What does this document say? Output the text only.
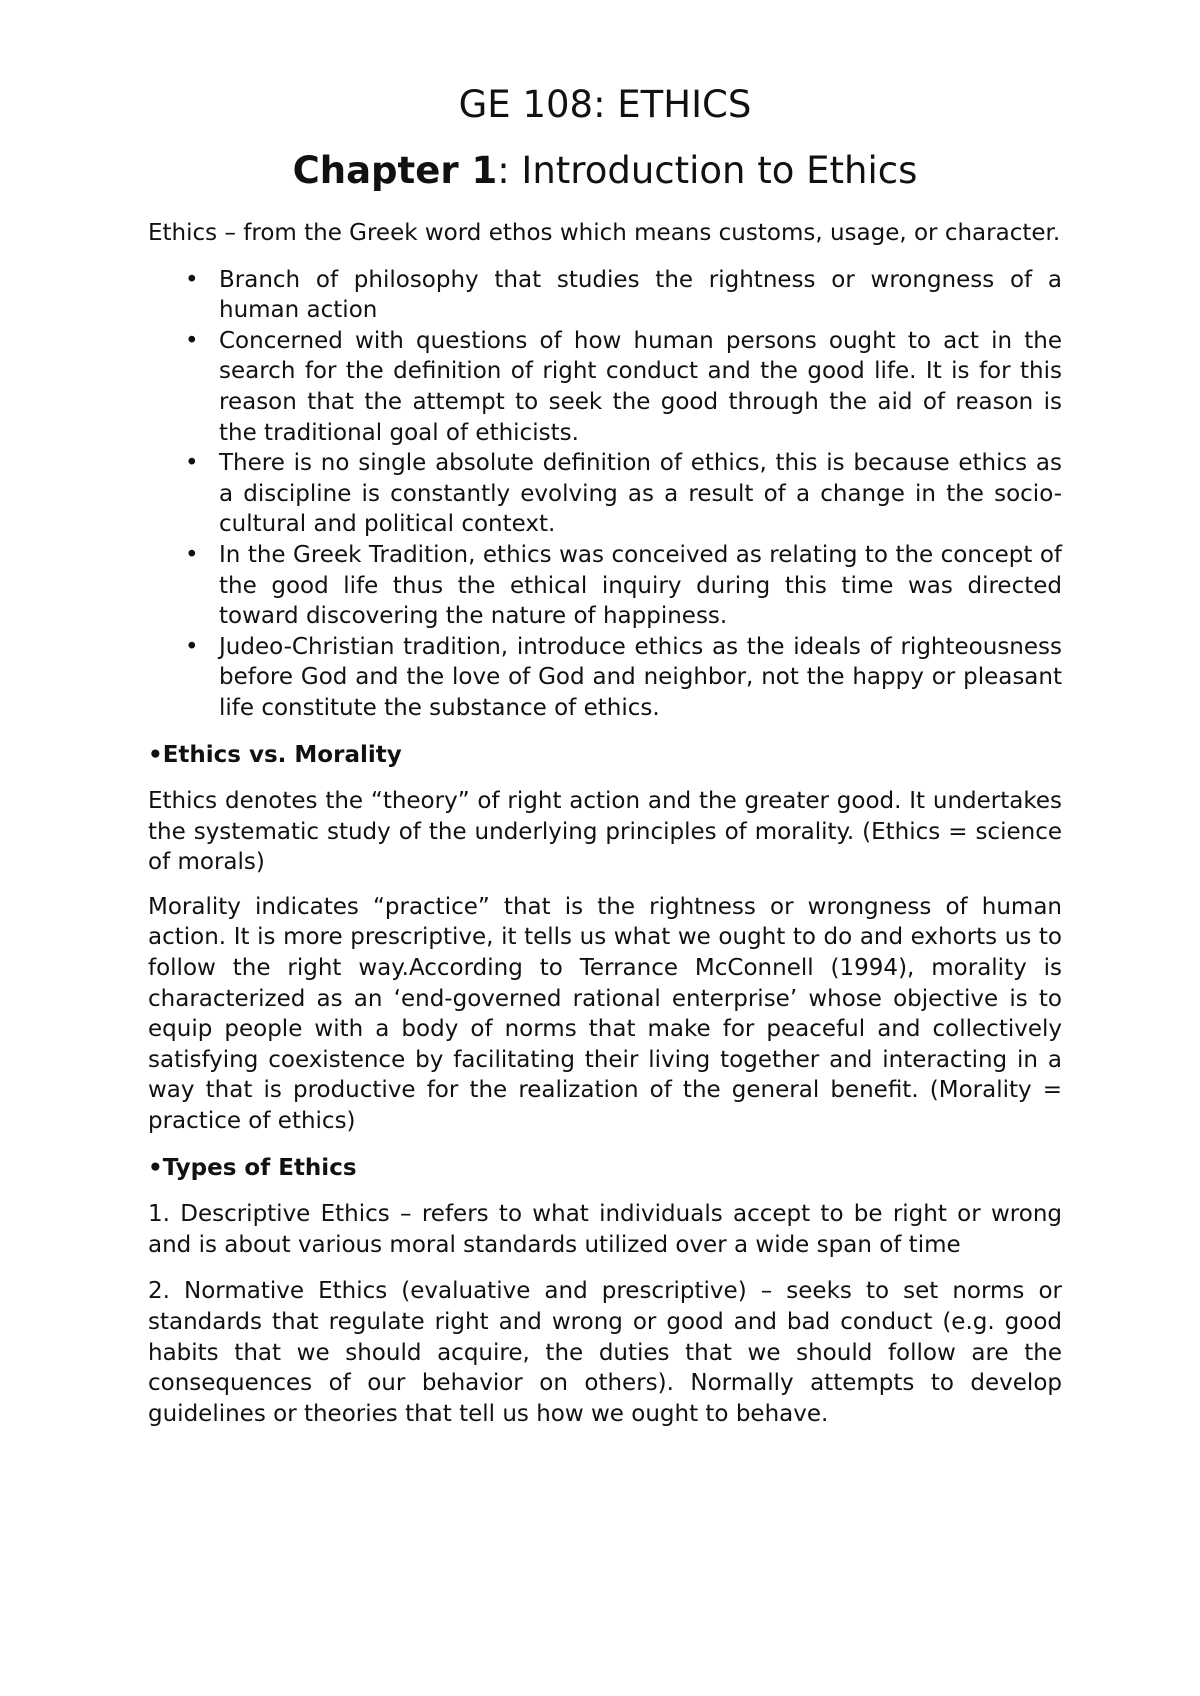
GE 108: ETHICS
Chapter 1: Introduction to Ethics

Ethics – from the Greek word ethos which means customs, usage, or character.

• Branch of philosophy that studies the rightness or wrongness of a human action
• Concerned with questions of how human persons ought to act in the search for the definition of right conduct and the good life. It is for this reason that the attempt to seek the good through the aid of reason is the traditional goal of ethicists.
• There is no single absolute definition of ethics, this is because ethics as a discipline is constantly evolving as a result of a change in the socio-cultural and political context.
• In the Greek Tradition, ethics was conceived as relating to the concept of the good life thus the ethical inquiry during this time was directed toward discovering the nature of happiness.
• Judeo-Christian tradition, introduce ethics as the ideals of righteousness before God and the love of God and neighbor, not the happy or pleasant life constitute the substance of ethics.
•Ethics vs. Morality

Ethics denotes the “theory” of right action and the greater good. It undertakes the systematic study of the underlying principles of morality. (Ethics = science of morals)

Morality indicates “practice” that is the rightness or wrongness of human action. It is more prescriptive, it tells us what we ought to do and exhorts us to follow the right way.According to Terrance McConnell (1994), morality is characterized as an ‘end-governed rational enterprise’ whose objective is to equip people with a body of norms that make for peaceful and collectively satisfying coexistence by facilitating their living together and interacting in a way that is productive for the realization of the general benefit. (Morality = practice of ethics)

•Types of Ethics

1. Descriptive Ethics – refers to what individuals accept to be right or wrong and is about various moral standards utilized over a wide span of time

2. Normative Ethics (evaluative and prescriptive) – seeks to set norms or standards that regulate right and wrong or good and bad conduct (e.g. good habits that we should acquire, the duties that we should follow are the consequences of our behavior on others). Normally attempts to develop guidelines or theories that tell us how we ought to behave.
